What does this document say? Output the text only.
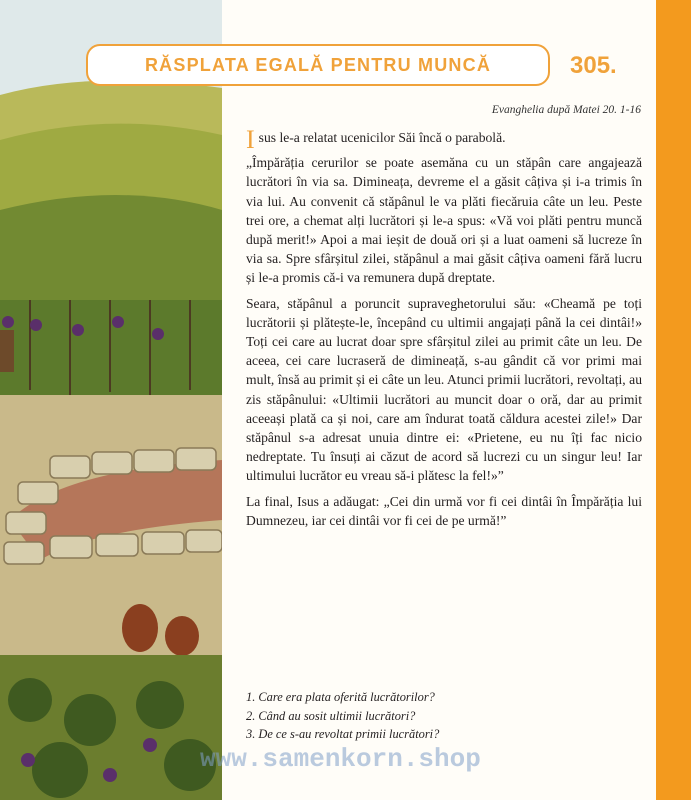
RĂSPLATA EGALĂ PENTRU MUNCĂ	305.
Evanghelia după Matei 20. 1-16

Isus le-a relatat ucenicilor Săi încă o parabolă.

„Împărăția cerurilor se poate asemăna cu un stăpân care angajează lucrători în via sa. Dimineața, devreme el a găsit câțiva și i-a trimis în via lui. Au convenit că stăpânul le va plăti fiecăruia câte un leu. Peste trei ore, a chemat alți lucrători și le-a spus: «Vă voi plăti pentru muncă după merit!» Apoi a mai ieșit de două ori și a luat oameni să lucreze în via sa. Spre sfârșitul zilei, stăpânul a mai găsit câțiva oameni fără lucru și le-a promis că-i va remunera după dreptate.

Seara, stăpânul a poruncit supraveghetorului său: «Cheamă pe toți lucrătorii și plătește-le, începând cu ultimii angajați până la cei dintâi!» Toți cei care au lucrat doar spre sfârșitul zilei au primit câte un leu. De aceea, cei care lucraseră de dimineață, s-au gândit că vor primi mai mult, însă au primit și ei câte un leu. Atunci primii lucrători, revoltați, au zis stăpânului: «Ultimii lucrători au muncit doar o oră, dar au primit aceeași plată ca și noi, care am îndurat toată căldura acestei zile!» Dar stăpânul s-a adresat unuia dintre ei: «Prietene, eu nu îți fac nicio nedreptate. Tu însuți ai căzut de acord să lucrezi cu un singur leu! Iar ultimului lucrător eu vreau să-i plătesc la fel!»”

La final, Isus a adăugat: „Cei din urmă vor fi cei dintâi în Împărăția lui Dumnezeu, iar cei dintâi vor fi cei de pe urmă!”

1. Care era plata oferită lucrătorilor?
2. Când au sosit ultimii lucrători?
3. De ce s-au revoltat primii lucrători?
www.samenkorn.shop
